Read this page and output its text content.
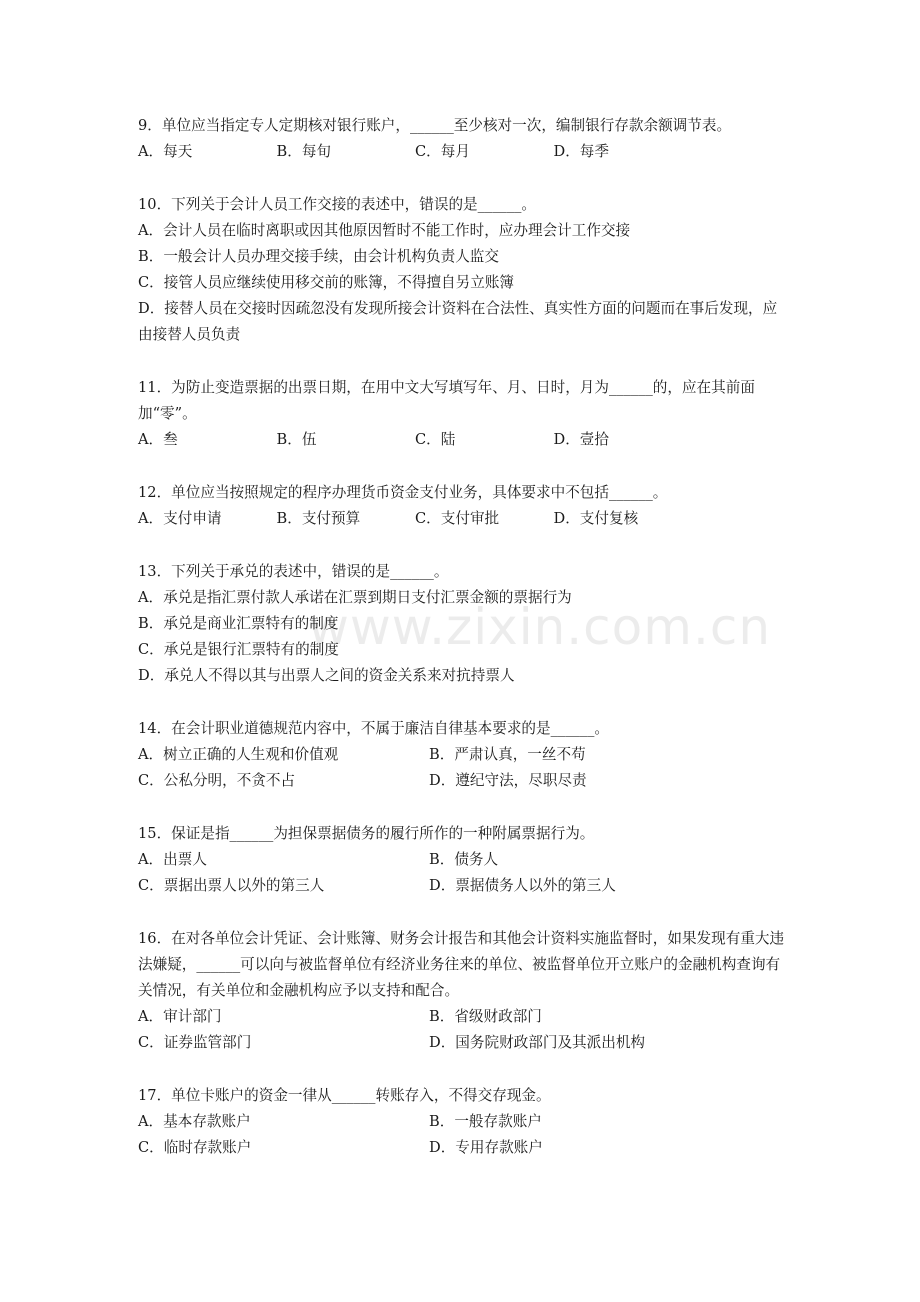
www.zixin.com.cn
9．单位应当指定专人定期核对银行账户，______至少核对一次，编制银行存款余额调节表。
A．每天	B．每旬	C．每月	D．每季
10．下列关于会计人员工作交接的表述中，错误的是______。
A．会计人员在临时离职或因其他原因暂时不能工作时，应办理会计工作交接
B．一般会计人员办理交接手续，由会计机构负责人监交
C．接管人员应继续使用移交前的账簿，不得擅自另立账簿
D．接替人员在交接时因疏忽没有发现所接会计资料在合法性、真实性方面的问题而在事后发现，应由接替人员负责
11．为防止变造票据的出票日期，在用中文大写填写年、月、日时，月为______的，应在其前面加“零”。
A．叁	B．伍	C．陆	D．壹拾
12．单位应当按照规定的程序办理货币资金支付业务，具体要求中不包括______。
A．支付申请	B．支付预算	C．支付审批	D．支付复核
13．下列关于承兑的表述中，错误的是______。
A．承兑是指汇票付款人承诺在汇票到期日支付汇票金额的票据行为
B．承兑是商业汇票特有的制度
C．承兑是银行汇票特有的制度
D．承兑人不得以其与出票人之间的资金关系来对抗持票人
14．在会计职业道德规范内容中，不属于廉洁自律基本要求的是______。
A．树立正确的人生观和价值观	B．严肃认真，一丝不苟
C．公私分明，不贪不占	D．遵纪守法，尽职尽责
15．保证是指______为担保票据债务的履行所作的一种附属票据行为。
A．出票人	B．债务人
C．票据出票人以外的第三人	D．票据债务人以外的第三人
16．在对各单位会计凭证、会计账簿、财务会计报告和其他会计资料实施监督时，如果发现有重大违法嫌疑，______可以向与被监督单位有经济业务往来的单位、被监督单位开立账户的金融机构查询有关情况，有关单位和金融机构应予以支持和配合。
A．审计部门	B．省级财政部门
C．证券监管部门	D．国务院财政部门及其派出机构
17．单位卡账户的资金一律从______转账存入，不得交存现金。
A．基本存款账户	B．一般存款账户
C．临时存款账户	D．专用存款账户
